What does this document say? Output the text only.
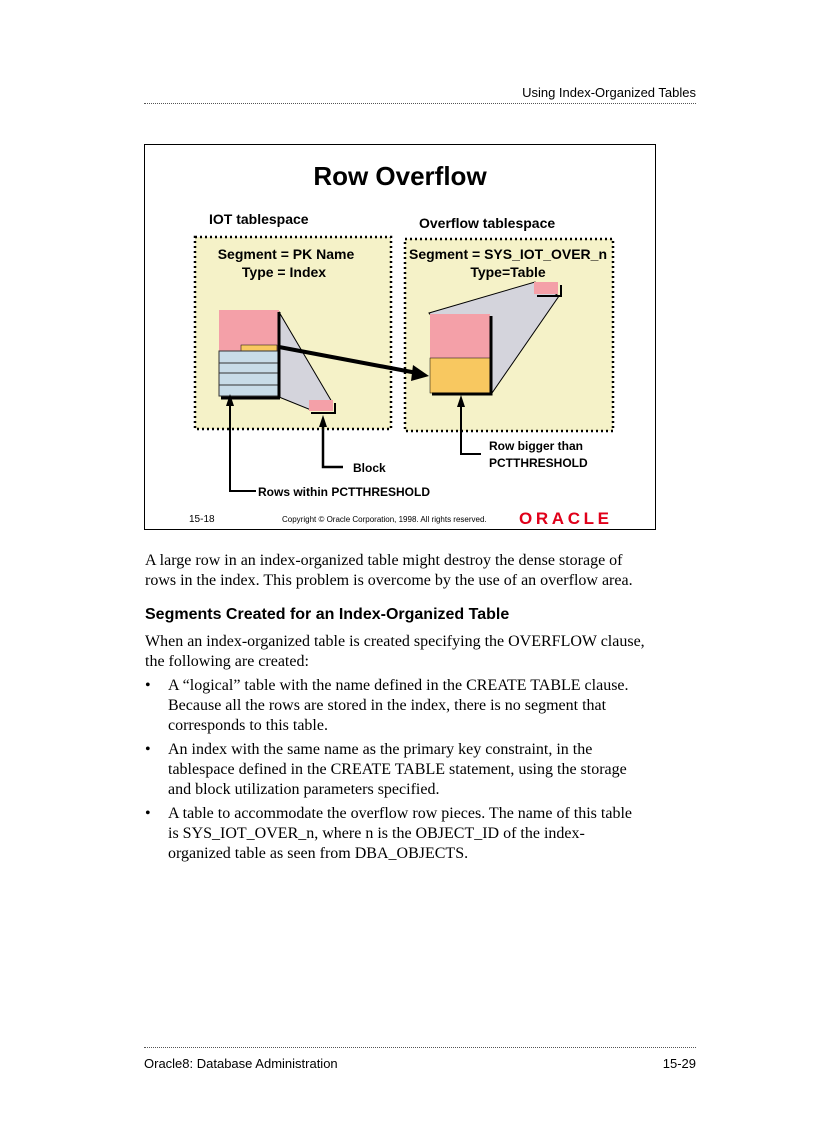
Using Index-Organized Tables
Row Overflow
IOT tablespace	Overflow tablespace
Segment = PK Name
Type = Index
Segment = SYS_IOT_OVER_n
Type=Table
Block
Rows within PCTTHRESHOLD
Row bigger than
PCTTHRESHOLD
15-18	Copyright © Oracle Corporation, 1998. All rights reserved. ORACLE
A large row in an index-organized table might destroy the dense storage of rows in the index. This problem is overcome by the use of an overflow area.
Segments Created for an Index-Organized Table
When an index-organized table is created specifying the OVERFLOW clause, the following are created:
• A “logical” table with the name defined in the CREATE TABLE clause. Because all the rows are stored in the index, there is no segment that corresponds to this table.
• An index with the same name as the primary key constraint, in the tablespace defined in the CREATE TABLE statement, using the storage and block utilization parameters specified.
• A table to accommodate the overflow row pieces. The name of this table is SYS_IOT_OVER_n, where n is the OBJECT_ID of the index-organized table as seen from DBA_OBJECTS.
Oracle8: Database Administration	15-29
